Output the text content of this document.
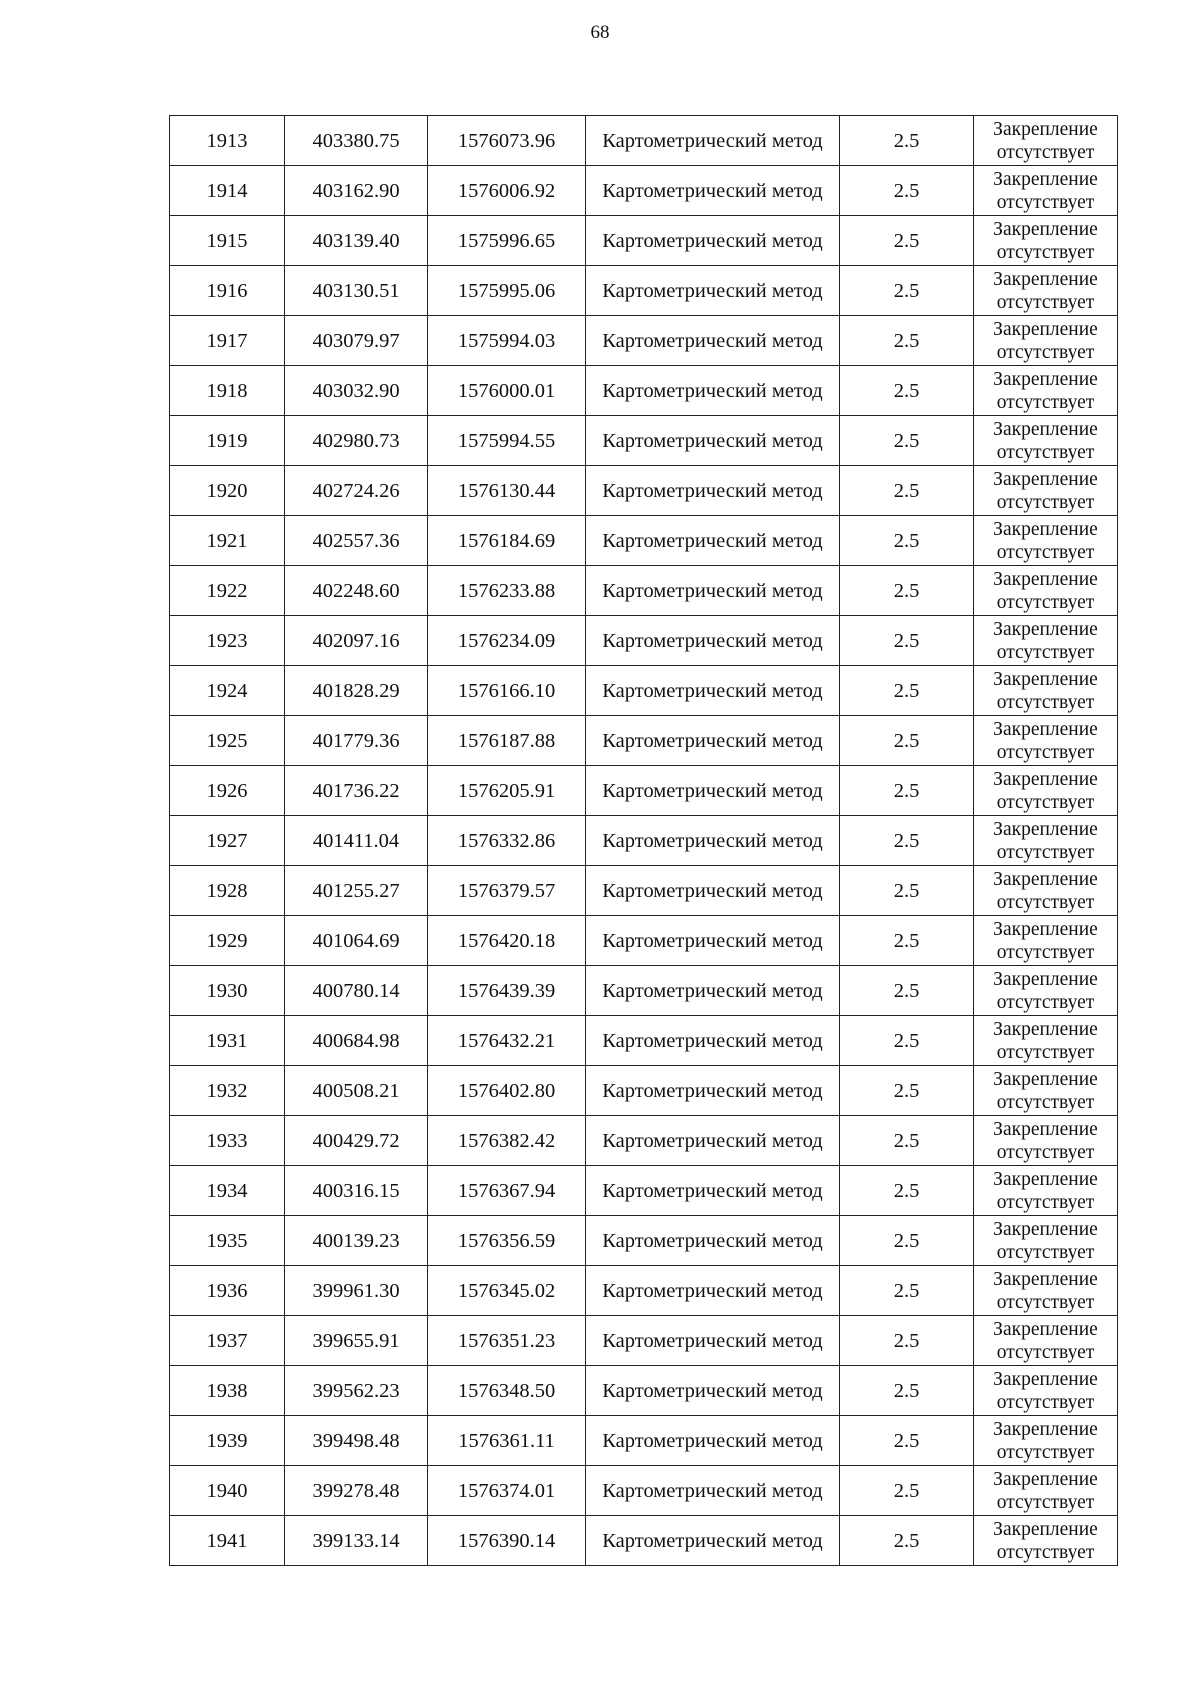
68
1913	403380.75	1576073.96	Картометрический метод	2.5	Закрепление
отсутствует

1914	403162.90	1576006.92	Картометрический метод	2.5	Закрепление
отсутствует

1915	403139.40	1575996.65	Картометрический метод	2.5	Закрепление
отсутствует

1916	403130.51	1575995.06	Картометрический метод	2.5	Закрепление
отсутствует

1917	403079.97	1575994.03	Картометрический метод	2.5	Закрепление
отсутствует

1918	403032.90	1576000.01	Картометрический метод	2.5	Закрепление
отсутствует

1919	402980.73	1575994.55	Картометрический метод	2.5	Закрепление
отсутствует

1920	402724.26	1576130.44	Картометрический метод	2.5	Закрепление
отсутствует

1921	402557.36	1576184.69	Картометрический метод	2.5	Закрепление
отсутствует

1922	402248.60	1576233.88	Картометрический метод	2.5	Закрепление
отсутствует

1923	402097.16	1576234.09	Картометрический метод	2.5	Закрепление
отсутствует

1924	401828.29	1576166.10	Картометрический метод	2.5	Закрепление
отсутствует

1925	401779.36	1576187.88	Картометрический метод	2.5	Закрепление
отсутствует

1926	401736.22	1576205.91	Картометрический метод	2.5	Закрепление
отсутствует

1927	401411.04	1576332.86	Картометрический метод	2.5	Закрепление
отсутствует

1928	401255.27	1576379.57	Картометрический метод	2.5	Закрепление
отсутствует

1929	401064.69	1576420.18	Картометрический метод	2.5	Закрепление
отсутствует

1930	400780.14	1576439.39	Картометрический метод	2.5	Закрепление
отсутствует

1931	400684.98	1576432.21	Картометрический метод	2.5	Закрепление
отсутствует

1932	400508.21	1576402.80	Картометрический метод	2.5	Закрепление
отсутствует

1933	400429.72	1576382.42	Картометрический метод	2.5	Закрепление
отсутствует

1934	400316.15	1576367.94	Картометрический метод	2.5	Закрепление
отсутствует

1935	400139.23	1576356.59	Картометрический метод	2.5	Закрепление
отсутствует

1936	399961.30	1576345.02	Картометрический метод	2.5	Закрепление
отсутствует

1937	399655.91	1576351.23	Картометрический метод	2.5	Закрепление
отсутствует

1938	399562.23	1576348.50	Картометрический метод	2.5	Закрепление
отсутствует

1939	399498.48	1576361.11	Картометрический метод	2.5	Закрепление
отсутствует

1940	399278.48	1576374.01	Картометрический метод	2.5	Закрепление
отсутствует

1941	399133.14	1576390.14	Картометрический метод	2.5	Закрепление
отсутствует
